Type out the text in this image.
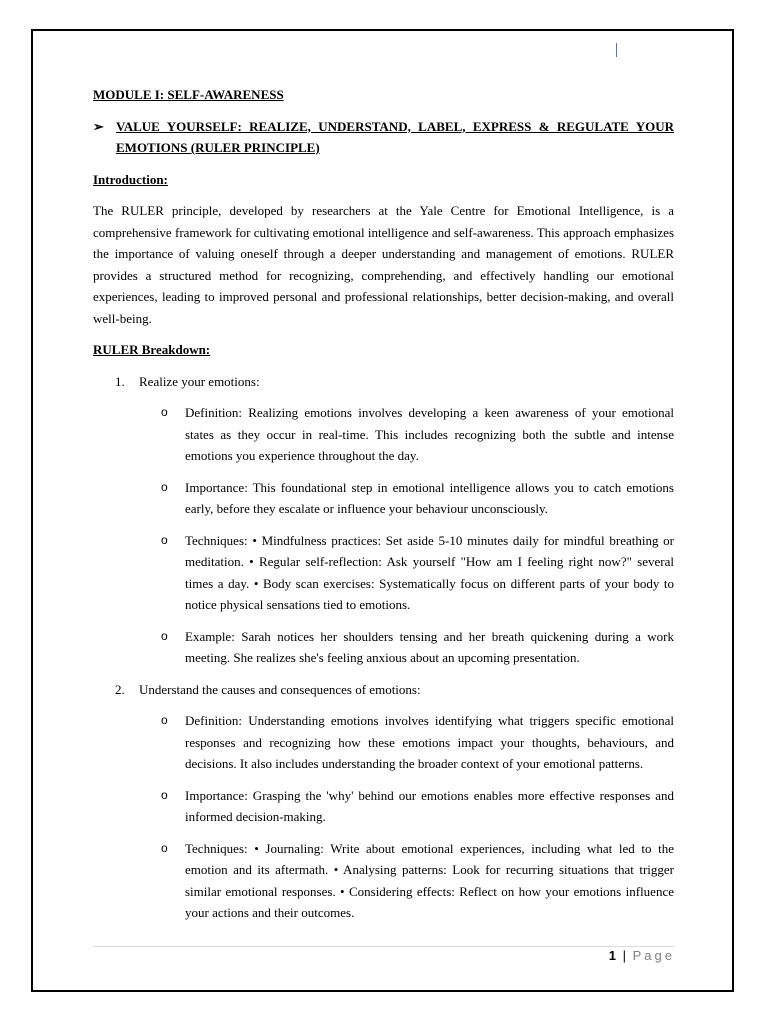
MODULE I: SELF-AWARENESS
➢ VALUE YOURSELF: REALIZE, UNDERSTAND, LABEL, EXPRESS & REGULATE YOUR EMOTIONS (RULER PRINCIPLE)
Introduction:
The RULER principle, developed by researchers at the Yale Centre for Emotional Intelligence, is a comprehensive framework for cultivating emotional intelligence and self-awareness. This approach emphasizes the importance of valuing oneself through a deeper understanding and management of emotions. RULER provides a structured method for recognizing, comprehending, and effectively handling our emotional experiences, leading to improved personal and professional relationships, better decision-making, and overall well-being.
RULER Breakdown:
1.	Realize your emotions:
o	Definition: Realizing emotions involves developing a keen awareness of your emotional states as they occur in real-time. This includes recognizing both the subtle and intense emotions you experience throughout the day.
o	Importance: This foundational step in emotional intelligence allows you to catch emotions early, before they escalate or influence your behaviour unconsciously.
o	Techniques: • Mindfulness practices: Set aside 5-10 minutes daily for mindful breathing or meditation. • Regular self-reflection: Ask yourself "How am I feeling right now?" several times a day. • Body scan exercises: Systematically focus on different parts of your body to notice physical sensations tied to emotions.
o	Example: Sarah notices her shoulders tensing and her breath quickening during a work meeting. She realizes she's feeling anxious about an upcoming presentation.
2.	Understand the causes and consequences of emotions:
o	Definition: Understanding emotions involves identifying what triggers specific emotional responses and recognizing how these emotions impact your thoughts, behaviours, and decisions. It also includes understanding the broader context of your emotional patterns.
o	Importance: Grasping the 'why' behind our emotions enables more effective responses and informed decision-making.
o	Techniques: • Journaling: Write about emotional experiences, including what led to the emotion and its aftermath. • Analysing patterns: Look for recurring situations that trigger similar emotional responses. • Considering effects: Reflect on how your emotions influence your actions and their outcomes.
1 | Page
